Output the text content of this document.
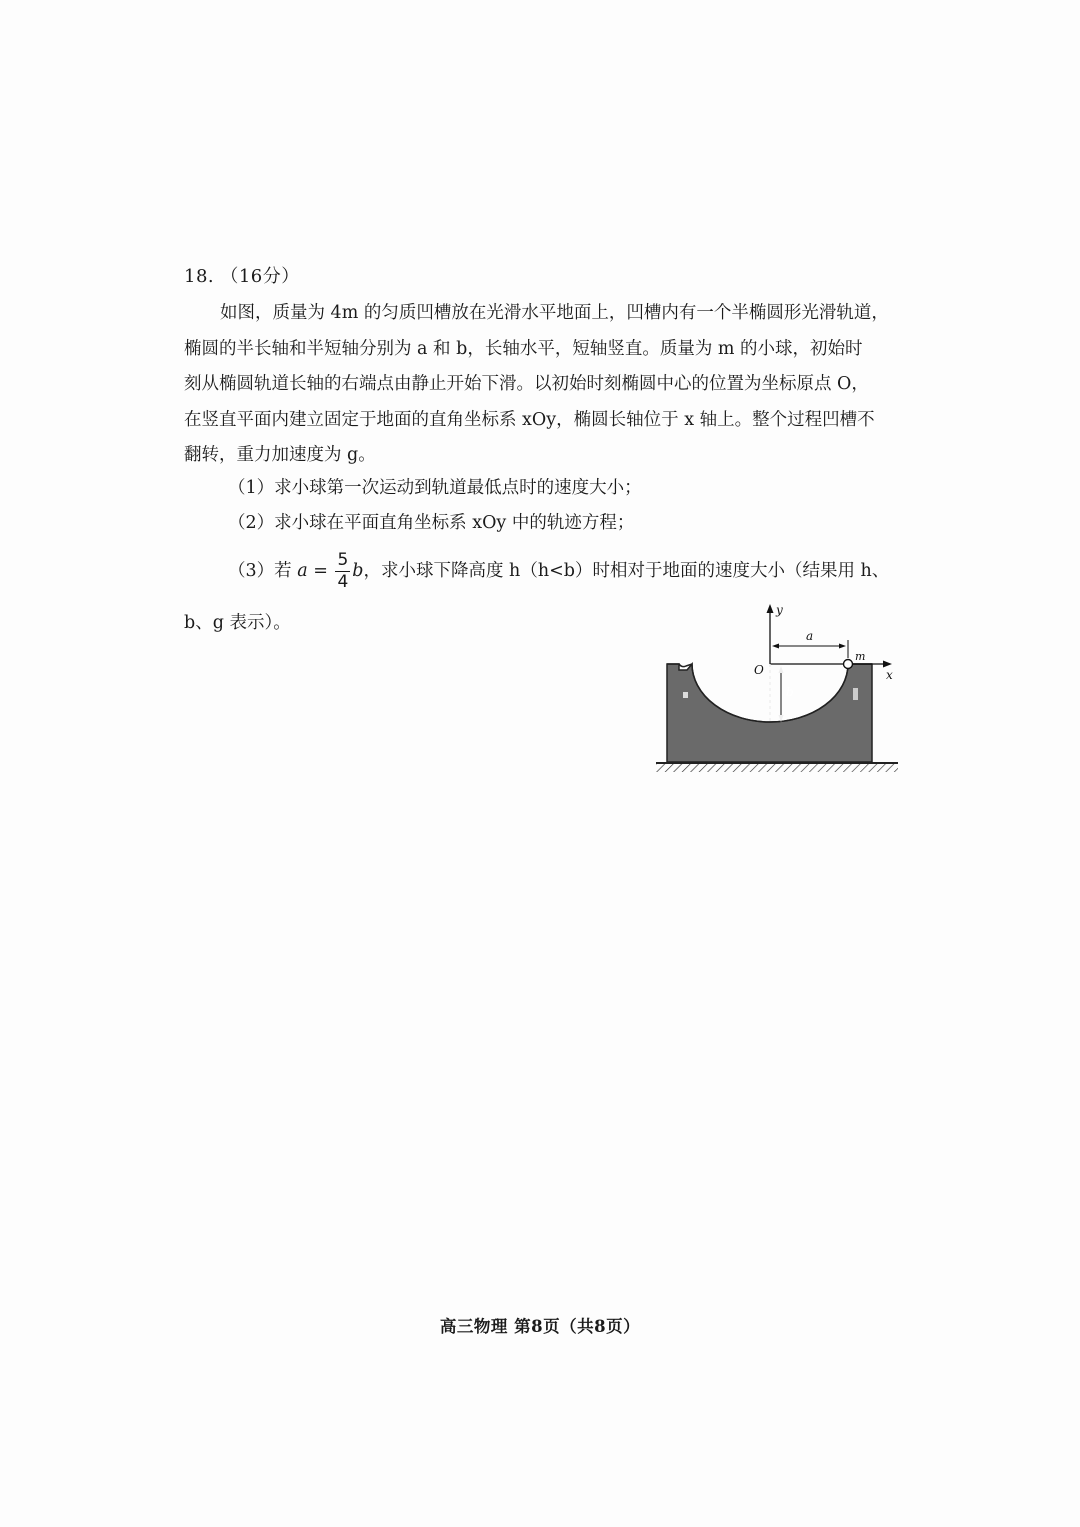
18. （16分）
如图，质量为 4m 的匀质凹槽放在光滑水平地面上，凹槽内有一个半椭圆形光滑轨道，
椭圆的半长轴和半短轴分别为 a 和 b，长轴水平，短轴竖直。质量为 m 的小球，初始时
刻从椭圆轨道长轴的右端点由静止开始下滑。以初始时刻椭圆中心的位置为坐标原点 O，
在竖直平面内建立固定于地面的直角坐标系 xOy，椭圆长轴位于 x 轴上。整个过程凹槽不
翻转，重力加速度为 g。
（1）求小球第一次运动到轨道最低点时的速度大小；
（2）求小球在平面直角坐标系 xOy 中的轨迹方程；
（3）若 $a = \frac{5}{4}$ b，求小球下降高度 h（h<b）时相对于地面的速度大小（结果用 h、
b、g 表示）。
y
x
O
a
b
m
高三物理 第8页（共8页）
